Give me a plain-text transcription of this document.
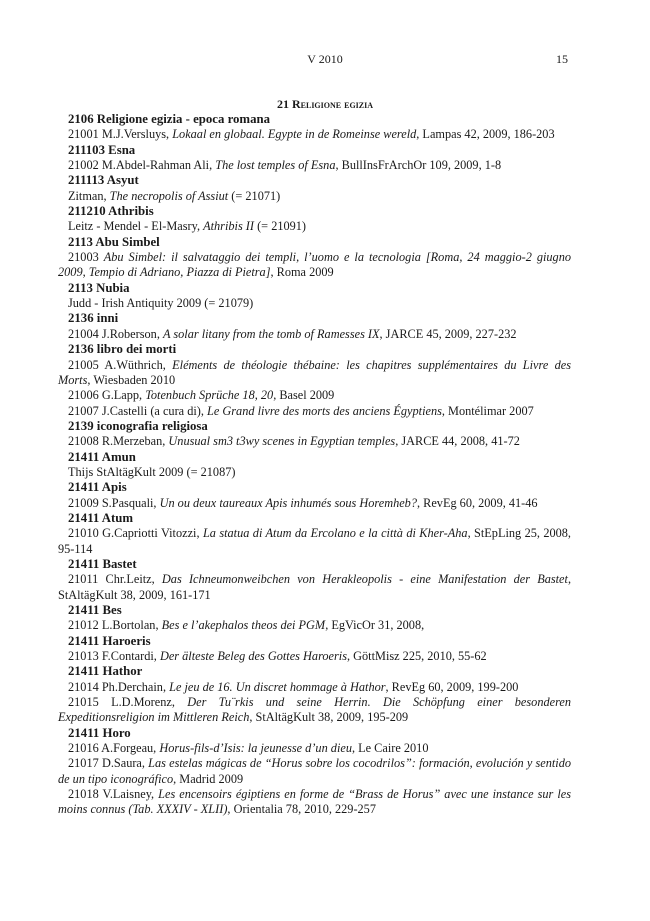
V 2010	15
21 Religione egizia

2106 Religione egizia - epoca romana

21001 M.J.Versluys, Lokaal en globaal. Egypte in de Romeinse wereld, Lampas 42, 2009, 186-203

211103 Esna

21002 M.Abdel-Rahman Ali, The lost temples of Esna, BullInsFrArchOr 109, 2009, 1-8

211113 Asyut

Zitman, The necropolis of Assiut (= 21071)

211210 Athribis

Leitz - Mendel - El-Masry, Athribis II (= 21091)

2113 Abu Simbel

21003 Abu Simbel: il salvataggio dei templi, l’uomo e la tecnologia [Roma, 24 maggio-2 giugno 2009, Tempio di Adriano, Piazza di Pietra], Roma 2009

2113 Nubia

Judd - Irish Antiquity 2009 (= 21079)

2136 inni

21004 J.Roberson, A solar litany from the tomb of Ramesses IX, JARCE 45, 2009, 227-232

2136 libro dei morti

21005 A.Wüthrich, Eléments de théologie thébaine: les chapitres supplémentaires du Livre des Morts, Wiesbaden 2010

21006 G.Lapp, Totenbuch Sprüche 18, 20, Basel 2009

21007 J.Castelli (a cura di), Le Grand livre des morts des anciens Égyptiens, Montélimar 2007

2139 iconografia religiosa

21008 R.Merzeban, Unusual sm3 t3wy scenes in Egyptian temples, JARCE 44, 2008, 41-72

21411 Amun

Thijs StAltägKult 2009 (= 21087)

21411 Apis

21009 S.Pasquali, Un ou deux taureaux Apis inhumés sous Horemheb?, RevEg 60, 2009, 41-46

21411 Atum

21010 G.Capriotti Vitozzi, La statua di Atum da Ercolano e la città di Kher-Aha, StEpLing 25, 2008, 95-114

21411 Bastet

21011 Chr.Leitz, Das Ichneumonweibchen von Herakleopolis - eine Manifestation der Bastet, StAltägKult 38, 2009, 161-171

21411 Bes

21012 L.Bortolan, Bes e l’akephalos theos dei PGM, EgVicOr 31, 2008,

21411 Haroeris

21013 F.Contardi, Der älteste Beleg des Gottes Haroeris, GöttMisz 225, 2010, 55-62

21411 Hathor

21014 Ph.Derchain, Le jeu de 16. Un discret hommage à Hathor, RevEg 60, 2009, 199-200

21015 L.D.Morenz, Der Tu¨rkis und seine Herrin. Die Schöpfung einer besonderen Expeditionsreligion im Mittleren Reich, StAltägKult 38, 2009, 195-209

21411 Horo

21016 A.Forgeau, Horus-fils-d’Isis: la jeunesse d’un dieu, Le Caire 2010

21017 D.Saura, Las estelas mágicas de “Horus sobre los cocodrilos”: formación, evolución y sentido de un tipo iconográfico, Madrid 2009

21018 V.Laisney, Les encensoirs égiptiens en forme de “Brass de Horus” avec une instance sur les moins connus (Tab. XXXIV - XLII), Orientalia 78, 2010, 229-257
